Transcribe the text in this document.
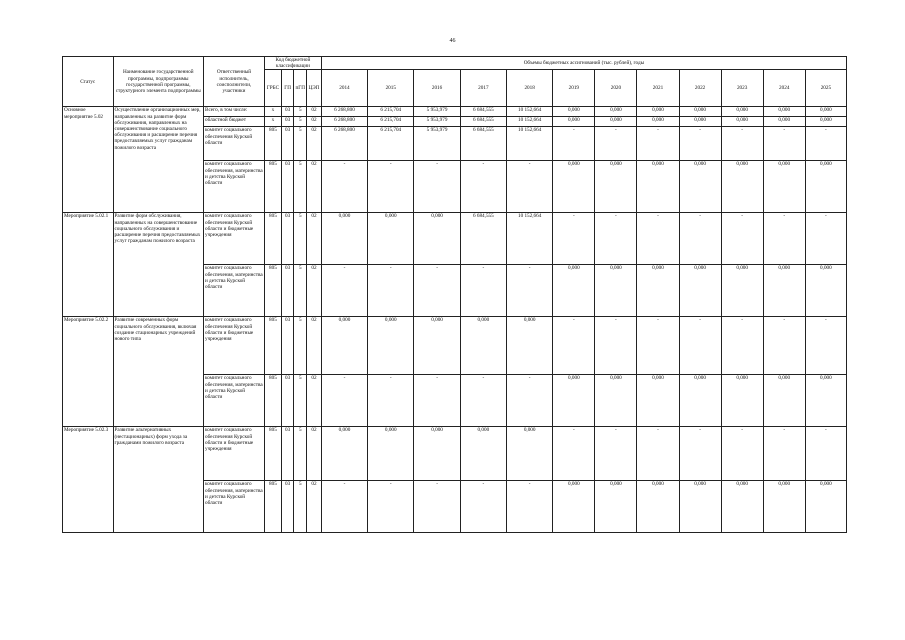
46
Статус	Наименование государственной программы, подпрограммы государственной программы, структурного элемента подпрограммы	Ответственный исполнитель, соисполнители, участники	Код бюджетной классификации				Объемы бюджетных ассигнований (тыс. рублей), годы											
			ГРБС	ГП	пГП	ЦЭП	2014	2015	2016	2017	2018	2019	2020	2021	2022	2023	2024	2025
Основное мероприятие 5.02	Осуществление организационных мер, направленных на развитие форм обслуживания, направленных на совершенствование социального обслуживания и расширение перечня предоставляемых услуг гражданам пожилого возраста	Всего, в том числе:	х	03	5	02	6 268,800	6 215,704	5 953,979	6 684,555	10 152,664	0,000	0,000	0,000	0,000	0,000	0,000	0,000
		областной бюджет	х	03	5	02	6 268,800	6 215,704	5 953,979	6 684,555	10 152,664	0,000	0,000	0,000	0,000	0,000	0,000	0,000
		комитет социального обеспечения Курской области	805	03	5	02	6 268,800	6 215,704	5 953,979	6 684,555	10 152,664	-	-	-	-	-	-	-
		комитет социального обеспечения, материнства и детства Курской области	805	03	5	02	-	-	-	-	-	0,000	0,000	0,000	0,000	0,000	0,000	0,000
Мероприятие 5.02.1	Развитие форм обслуживания, направленных на совершенствование социального обслуживания и расширение перечня предоставляемых услуг гражданам пожилого возраста	комитет социального обеспечения Курской области и бюджетные учреждения	805	03	5	02	0,000	0,000	0,000	6 684,555	10 152,664	-	-	-	-	-	-	-
		комитет социального обеспечения, материнства и детства Курской области	805	03	5	02	-	-	-	-	-	0,000	0,000	0,000	0,000	0,000	0,000	0,000
Мероприятие 5.02.2	Развитие современных форм социального обслуживания, включая создание стационарных учреждений нового типа	комитет социального обеспечения Курской области и бюджетные учреждения	805	03	5	02	0,000	0,000	0,000	0,000	0,000	-	-	-	-	-	-	-
		комитет социального обеспечения, материнства и детства Курской области	805	03	5	02	-	-	-	-	-	0,000	0,000	0,000	0,000	0,000	0,000	0,000
Мероприятие 5.02.3	Развитие альтернативных (нестационарных) форм ухода за гражданами пожилого возраста	комитет социального обеспечения Курской области и бюджетные учреждения	805	03	5	02	0,000	0,000	0,000	0,000	0,000	-	-	-	-	-	-	-
		комитет социального обеспечения, материнства и детства Курской области	805	03	5	02	-	-	-	-	-	0,000	0,000	0,000	0,000	0,000	0,000	0,000
